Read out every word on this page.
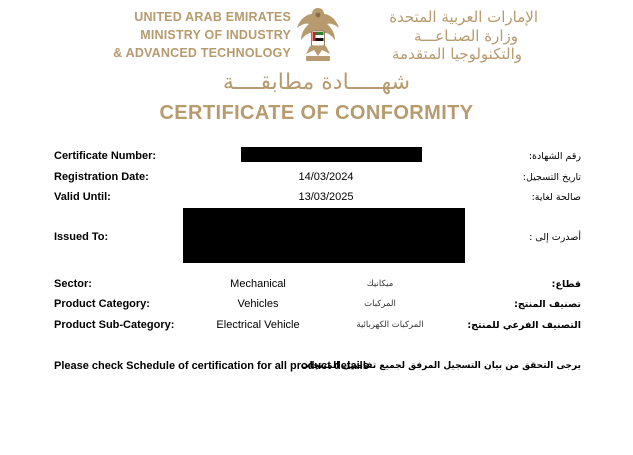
UNITED ARAB EMIRATES
MINISTRY OF INDUSTRY
& ADVANCED TECHNOLOGY
الإمارات العربية المتحدة
وزارة الصنـاعـــة
والتكنولوجيا المتقدمة
شهـــــادة مطابقــــة
CERTIFICATE OF CONFORMITY
Certificate Number:	رقم الشهادة:
Registration Date:	14/03/2024	تاريخ التسجيل:
Valid Until:	13/03/2025	صالحة لغاية:
Issued To:	أصدرت إلى :
Sector:	Mechanical	ميكانيك	قطاع:
Product Category:	Vehicles	المركبات	تصنيف المنتج:
Product Sub-Category:	Electrical Vehicle	المركبات الكهربائية	التصنيف الفرعي للمنتج:
Please check Schedule of certification for all product details
يرجى التحقق من بيان التسجيل المرفق لجميع تفاصيل المنتجات
